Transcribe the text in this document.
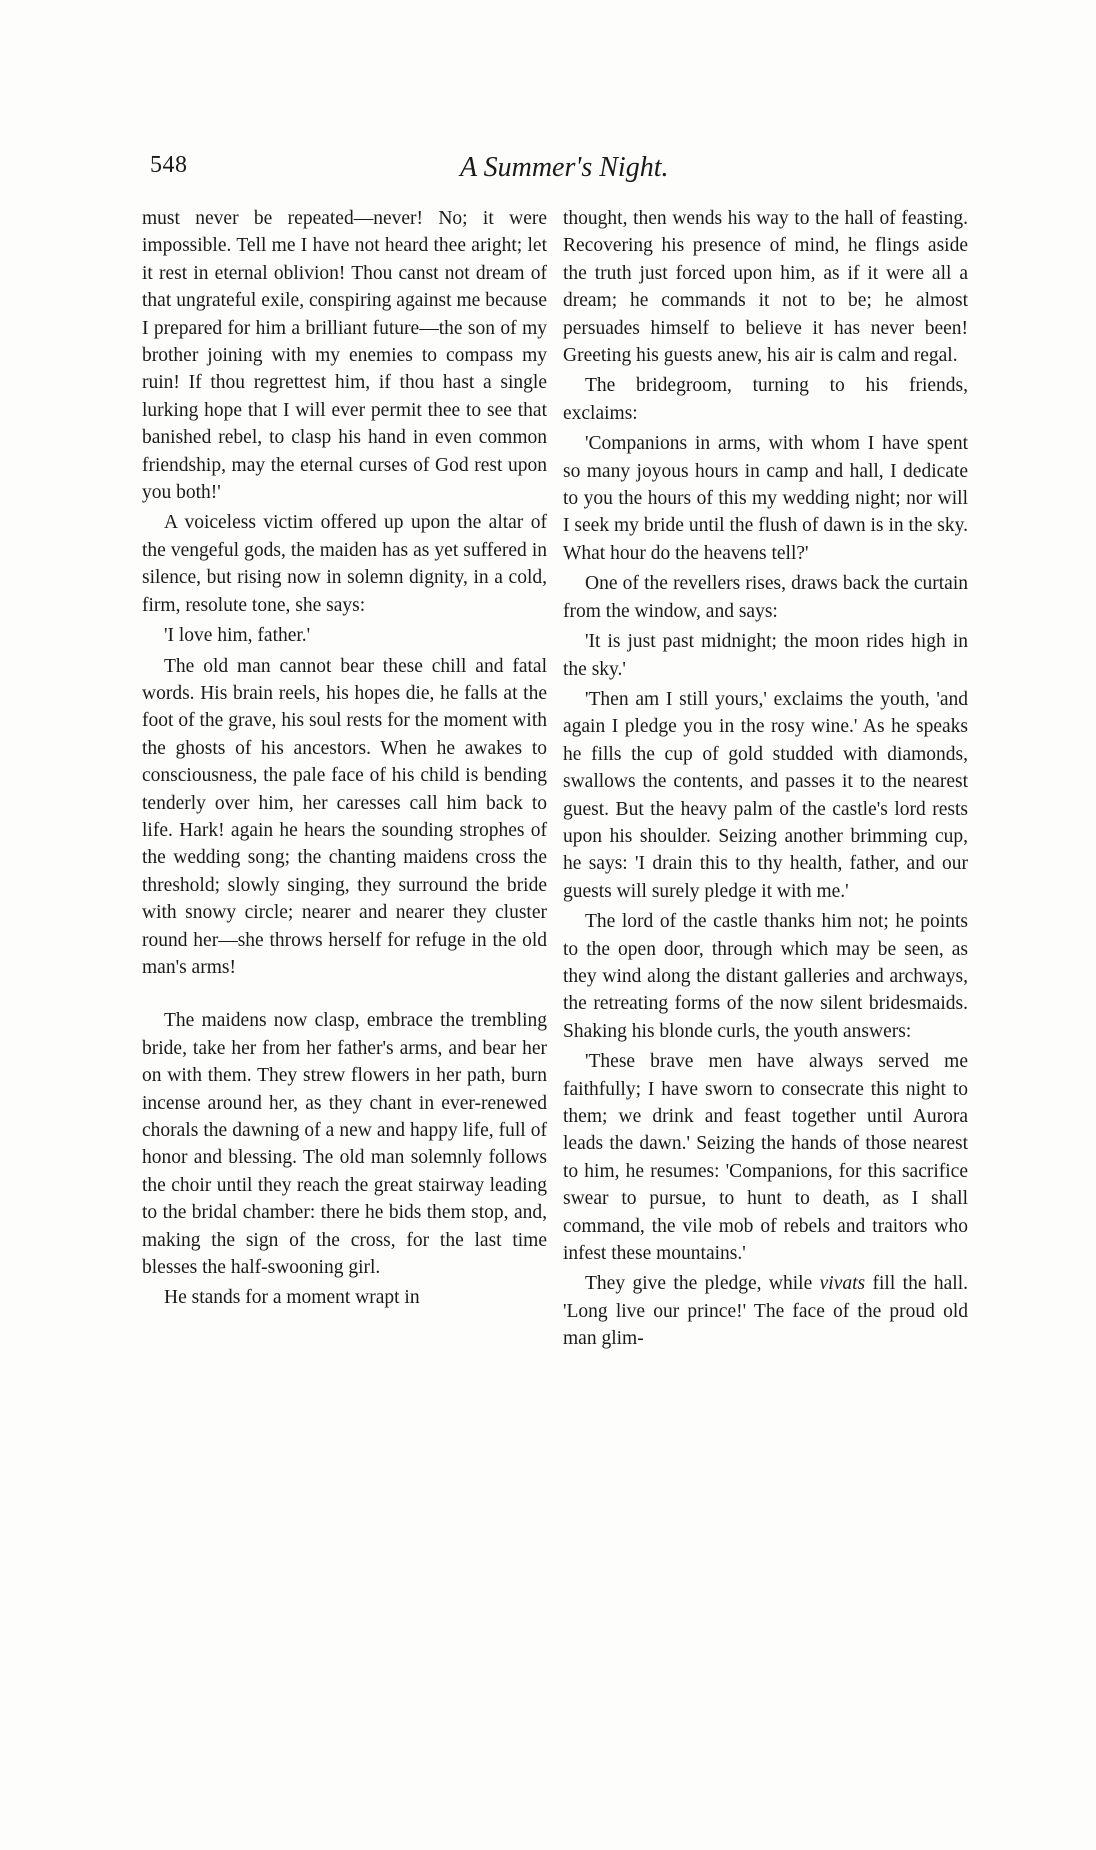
548	A Summer's Night.

must never be repeated—never! No; it were impossible. Tell me I have not heard thee aright; let it rest in eternal oblivion! Thou canst not dream of that ungrateful exile, conspiring against me because I prepared for him a brilliant future—the son of my brother joining with my enemies to compass my ruin! If thou regrettest him, if thou hast a single lurking hope that I will ever permit thee to see that banished rebel, to clasp his hand in even common friendship, may the eternal curses of God rest upon you both!'

A voiceless victim offered up upon the altar of the vengeful gods, the maiden has as yet suffered in silence, but rising now in solemn dignity, in a cold, firm, resolute tone, she says:

'I love him, father.'

The old man cannot bear these chill and fatal words. His brain reels, his hopes die, he falls at the foot of the grave, his soul rests for the moment with the ghosts of his ancestors. When he awakes to consciousness, the pale face of his child is bending tenderly over him, her caresses call him back to life. Hark! again he hears the sounding strophes of the wedding song; the chanting maidens cross the threshold; slowly singing, they surround the bride with snowy circle; nearer and nearer they cluster round her—she throws herself for refuge in the old man's arms!

The maidens now clasp, embrace the trembling bride, take her from her father's arms, and bear her on with them. They strew flowers in her path, burn incense around her, as they chant in ever-renewed chorals the dawning of a new and happy life, full of honor and blessing. The old man solemnly follows the choir until they reach the great stairway leading to the bridal chamber: there he bids them stop, and, making the sign of the cross, for the last time blesses the half-swooning girl.

He stands for a moment wrapt in

thought, then wends his way to the hall of feasting. Recovering his presence of mind, he flings aside the truth just forced upon him, as if it were all a dream; he commands it not to be; he almost persuades himself to believe it has never been! Greeting his guests anew, his air is calm and regal.

The bridegroom, turning to his friends, exclaims:

'Companions in arms, with whom I have spent so many joyous hours in camp and hall, I dedicate to you the hours of this my wedding night; nor will I seek my bride until the flush of dawn is in the sky. What hour do the heavens tell?'

One of the revellers rises, draws back the curtain from the window, and says:

'It is just past midnight; the moon rides high in the sky.'

'Then am I still yours,' exclaims the youth, 'and again I pledge you in the rosy wine.' As he speaks he fills the cup of gold studded with diamonds, swallows the contents, and passes it to the nearest guest. But the heavy palm of the castle's lord rests upon his shoulder. Seizing another brimming cup, he says: 'I drain this to thy health, father, and our guests will surely pledge it with me.'

The lord of the castle thanks him not; he points to the open door, through which may be seen, as they wind along the distant galleries and archways, the retreating forms of the now silent bridesmaids. Shaking his blonde curls, the youth answers:

'These brave men have always served me faithfully; I have sworn to consecrate this night to them; we drink and feast together until Aurora leads the dawn.' Seizing the hands of those nearest to him, he resumes: 'Companions, for this sacrifice swear to pursue, to hunt to death, as I shall command, the vile mob of rebels and traitors who infest these mountains.'

They give the pledge, while vivats fill the hall. 'Long live our prince!' The face of the proud old man glim-
